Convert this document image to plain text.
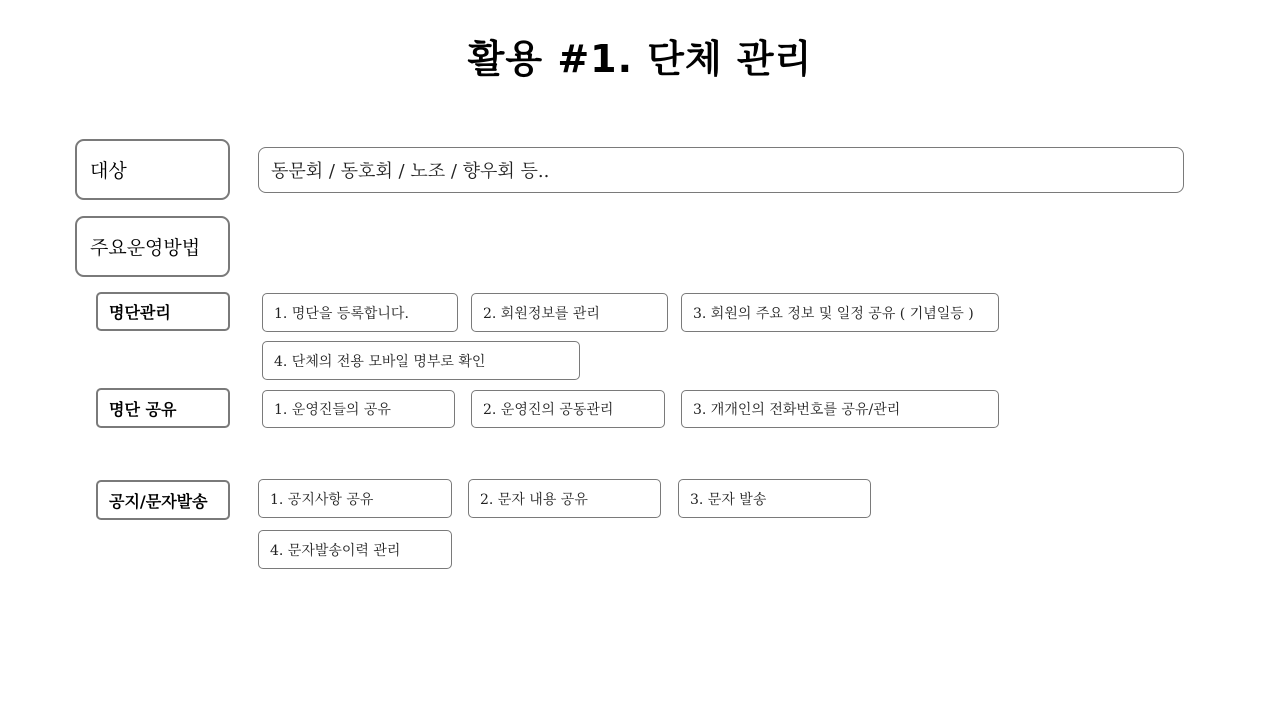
활용 #1. 단체 관리
대상	동문회 / 동호회 / 노조 / 향우회 등..
주요운영방법
명단관리	1. 명단을 등록합니다.	2. 회원정보를 관리	3. 회원의 주요 정보 및 일정 공유 ( 기념일등 )
4. 단체의 전용 모바일 명부로 확인
명단 공유	1. 운영진들의 공유	2. 운영진의 공동관리	3. 개개인의 전화번호를 공유/관리
공지/문자발송	1. 공지사항 공유	2. 문자 내용 공유	3. 문자 발송
4. 문자발송이력 관리
